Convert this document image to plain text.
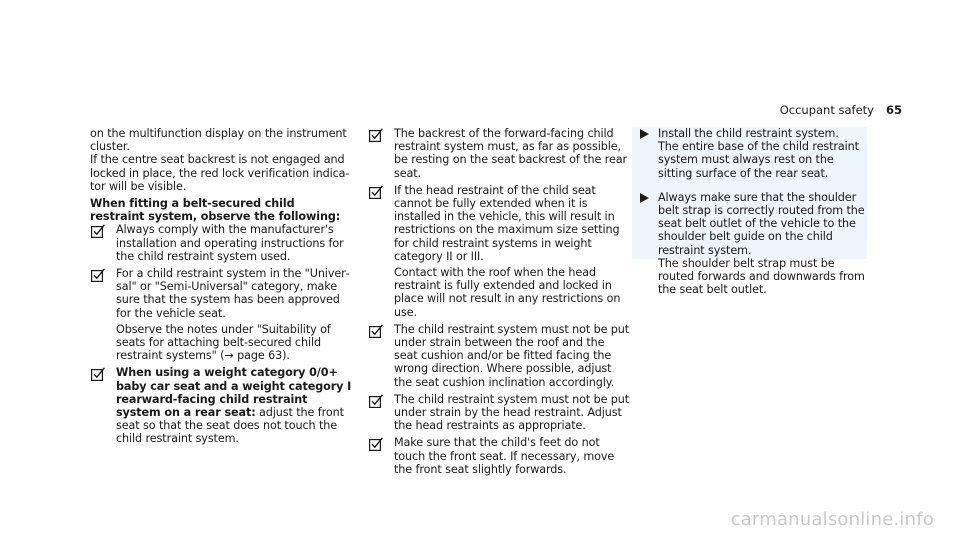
Occupant safety 65

on the multifunction display on the instrument cluster.

If the centre seat backrest is not engaged and locked in place, the red lock verification indicator will be visible.

When fitting a belt-secured child restraint system, observe the following:

Always comply with the manufacturer's installation and operating instructions for the child restraint system used.

For a child restraint system in the "Universal" or "Semi-Universal" category, make sure that the system has been approved for the vehicle seat.

Observe the notes under "Suitability of seats for attaching belt-secured child restraint systems" (→ page 63).

When using a weight category 0/0+ baby car seat and a weight category I rearward-facing child restraint system on a rear seat: adjust the front seat so that the seat does not touch the child restraint system.

The backrest of the forward-facing child restraint system must, as far as possible, be resting on the seat backrest of the rear seat.

If the head restraint of the child seat cannot be fully extended when it is installed in the vehicle, this will result in restrictions on the maximum size setting for child restraint systems in weight category II or III.

Contact with the roof when the head restraint is fully extended and locked in place will not result in any restrictions on use.

The child restraint system must not be put under strain between the roof and the seat cushion and/or be fitted facing the wrong direction. Where possible, adjust the seat cushion inclination accordingly.

The child restraint system must not be put under strain by the head restraint. Adjust the head restraints as appropriate.

Make sure that the child's feet do not touch the front seat. If necessary, move the front seat slightly forwards.

Install the child restraint system.

The entire base of the child restraint system must always rest on the sitting surface of the rear seat.

Always make sure that the shoulder belt strap is correctly routed from the seat belt outlet of the vehicle to the shoulder belt guide on the child restraint system.

The shoulder belt strap must be routed forwards and downwards from the seat belt outlet.

carmanualsonline.info
